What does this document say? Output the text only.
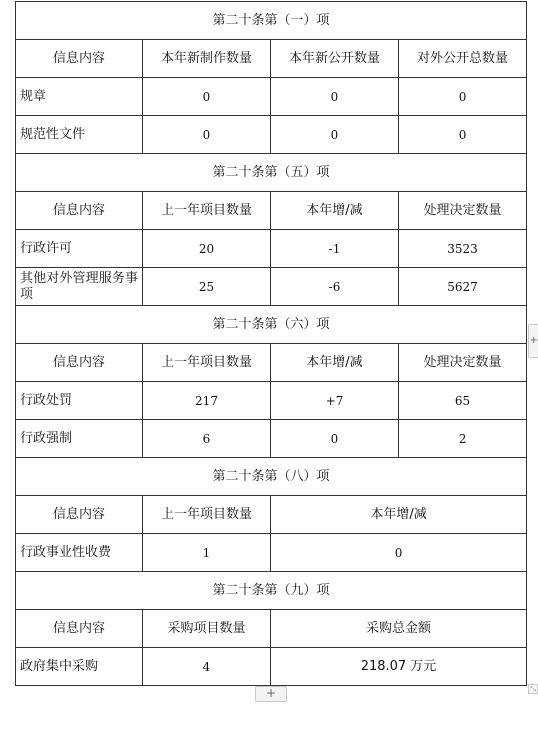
第二十条第（一）项			
信息内容	本年新制作数量	本年新公开数量	对外公开总数量
规章	0	0	0
规范性文件	0	0	0
第二十条第（五）项			
信息内容	上一年项目数量	本年增/减	处理决定数量
行政许可	20	-1	3523
其他对外管理服务事项	25	-6	5627
第二十条第（六）项			
信息内容	上一年项目数量	本年增/减	处理决定数量
行政处罚	217	+7	65
行政强制	6	0	2
第二十条第（八）项			
信息内容	上一年项目数量	本年增/减	
行政事业性收费	1	0	
第二十条第（九）项			
信息内容	采购项目数量	采购总金额	
政府集中采购	4	218.07 万元	
+
+	⤡
